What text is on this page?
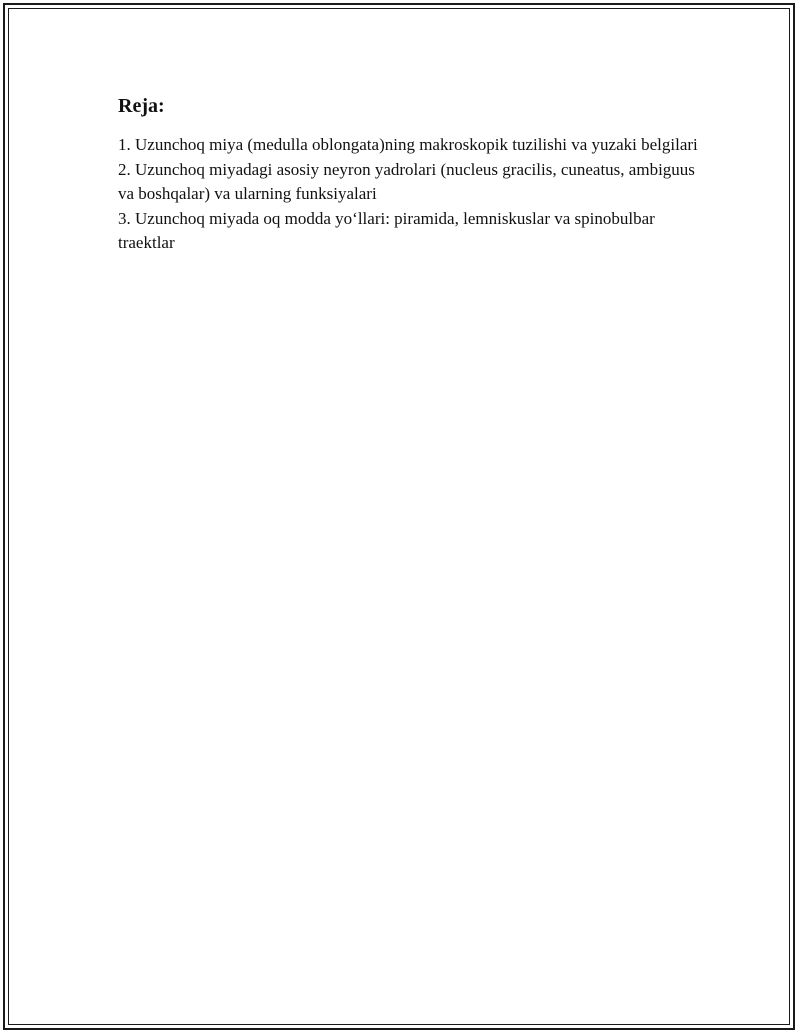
Reja:
1. Uzunchoq miya (medulla oblongata)ning makroskopik tuzilishi va yuzaki belgilari
2. Uzunchoq miyadagi asosiy neyron yadrolari (nucleus gracilis, cuneatus, ambiguus va boshqalar) va ularning funksiyalari
3. Uzunchoq miyada oq modda yo‘llari: piramida, lemniskuslar va spinobulbar traektlar
